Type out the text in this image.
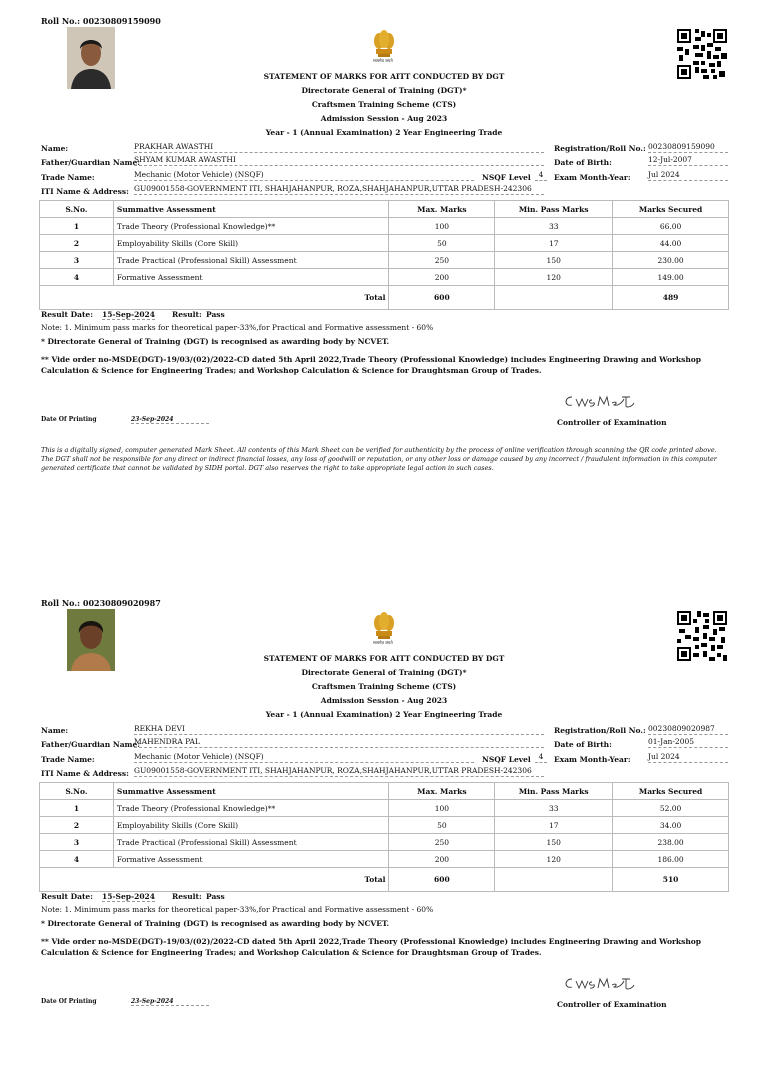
Roll No.: 00230809159090
सत्यमेव जयते
STATEMENT OF MARKS FOR AITT CONDUCTED BY DGT
Directorate General of Training (DGT)*
Craftsmen Training Scheme (CTS)
Admission Session - Aug 2023
Year - 1 (Annual Examination) 2 Year Engineering Trade
Name:	PRAKHAR AWASTHI	Registration/Roll No.: 00230809159090
Father/Guardian Name:
SHYAM KUMAR AWASTHI	Date of Birth:	12-Jul-2007
Trade Name:	Mechanic (Motor Vehicle) (NSQF)	NSQF Level	4	Exam Month-Year: Jul 2024
ITI Name & Address: GU09001558-GOVERNMENT ITI, SHAHJAHANPUR, ROZA,SHAHJAHANPUR,UTTAR PRADESH-242306
S.No.	Summative Assessment	Max. Marks	Min. Pass Marks	Marks Secured
1	Trade Theory (Professional Knowledge)**	100	33	66.00
2	Employability Skills (Core Skill)	50	17	44.00
3	Trade Practical (Professional Skill) Assessment	250	150	230.00
4	Formative Assessment	200	120	149.00
Total		600		489
Result Date: 15-Sep-2024 Result: Pass
Note: 1. Minimum pass marks for theoretical paper-33%,for Practical and Formative assessment - 60%
* Directorate General of Training (DGT) is recognised as awarding body by NCVET.
** Vide order no-MSDE(DGT)-19/03/(02)/2022-CD dated 5th April 2022,Trade Theory (Professional Knowledge) includes Engineering Drawing and Workshop Calculation & Science for Engineering Trades; and Workshop Calculation & Science for Draughtsman Group of Trades.
CwSMeha
Date Of Printing	23-Sep-2024	Controller of Examination
This is a digitally signed, computer generated Mark Sheet. All contents of this Mark Sheet can be verified for authenticity by the process of online verification through scanning the QR code printed above. The DGT shall not be responsible for any direct or indirect financial losses, any loss of goodwill or reputation, or any other loss or damage caused by any incorrect / fraudulent information in this computer generated certificate that cannot be validated by SIDH portal. DGT also reserves the right to take appropriate legal action in such cases.
Roll No.: 00230809020987
सत्यमेव जयते
STATEMENT OF MARKS FOR AITT CONDUCTED BY DGT
Directorate General of Training (DGT)*
Craftsmen Training Scheme (CTS)
Admission Session - Aug 2023
Year - 1 (Annual Examination) 2 Year Engineering Trade
Name:	REKHA DEVI	Registration/Roll No.: 00230809020987
Father/Guardian Name:
MAHENDRA PAL	Date of Birth:	01-Jan-2005
Trade Name:	Mechanic (Motor Vehicle) (NSQF)	NSQF Level	4	Exam Month-Year: Jul 2024
ITI Name & Address: GU09001558-GOVERNMENT ITI, SHAHJAHANPUR, ROZA,SHAHJAHANPUR,UTTAR PRADESH-242306
S.No.	Summative Assessment	Max. Marks	Min. Pass Marks	Marks Secured
1	Trade Theory (Professional Knowledge)**	100	33	52.00
2	Employability Skills (Core Skill)	50	17	34.00
3	Trade Practical (Professional Skill) Assessment	250	150	238.00
4	Formative Assessment	200	120	186.00
Total		600		510
Result Date: 15-Sep-2024 Result: Pass
Note: 1. Minimum pass marks for theoretical paper-33%,for Practical and Formative assessment - 60%
* Directorate General of Training (DGT) is recognised as awarding body by NCVET.
** Vide order no-MSDE(DGT)-19/03/(02)/2022-CD dated 5th April 2022,Trade Theory (Professional Knowledge) includes Engineering Drawing and Workshop Calculation & Science for Engineering Trades; and Workshop Calculation & Science for Draughtsman Group of Trades.
Date Of Printing	23-Sep-2024	Controller of Examination
